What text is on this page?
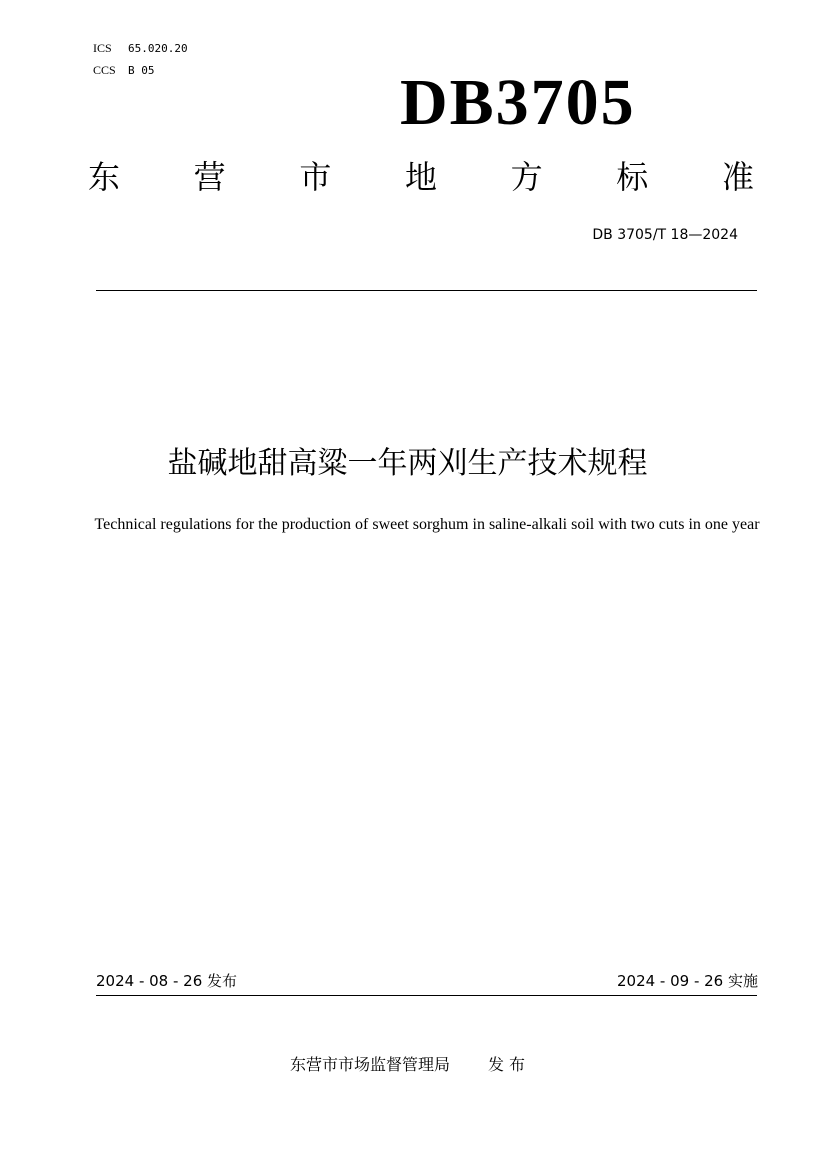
ICS 65.020.20
CCS B 05	DB3705
东 营 市 地 方 标 准
DB 3705/T 18—2024
盐碱地甜高粱一年两刈生产技术规程
Technical regulations for the production of sweet sorghum in saline-alkali soil with two cuts in one year
2024 - 08 - 26 发布	2024 - 09 - 26 实施
东营市市场监督管理局 发 布
